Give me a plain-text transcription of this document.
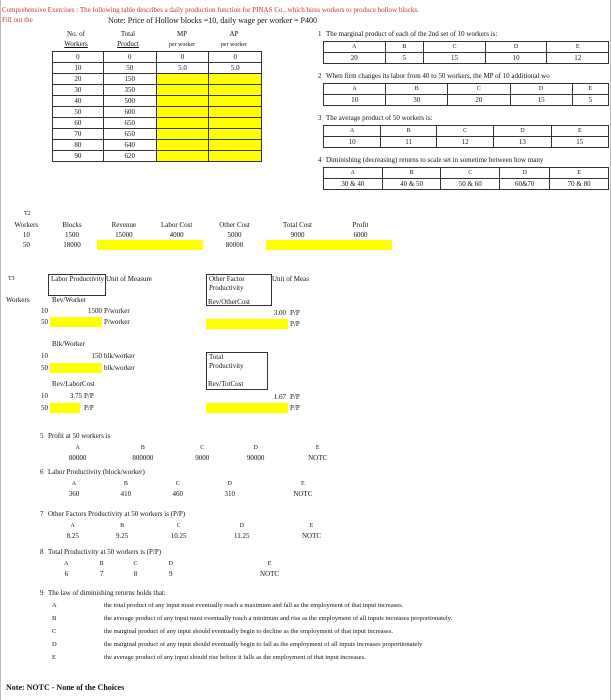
Comprehensive Exercises : The following table describes a daily production function for PINAS Co., which hires workers to produce hollow blocks.
Fill out the	Note: Price of Hollow blocks =10, daily wage per worker = P400
No. of	Total	MP	AP
Workers	Product	per worker	per worker
0	0	0	0	
10	50	5.0	5.0	
20	150			
30	350			
40	500			
50	600			
60	650			
70	650			
80	640			
90	620			
1 The marginal product of each of the 2nd set of 10 workers is:
A	B	C	D	E
20	5	15	10	12
2 When firm changes its labor from 40 to 50 workers, the MP of 10 additional wo
A	B	C	D	E
10	30	20	15	5
3 The average product of 50 workers is:
A	B	C	D	E
10	11	12	13	15
4 Diminishing (decreasing) returns to scale set in sometime between how many
A	B	C	D	E
30 & 40	40 & 50	50 & 60	60&70	70 & 80
T2
Workers	Blocks	Revenue	Labor Cost	Other Cost	Total Cost	Profit
10	1500	15000	4000	5000	9000	6000
50	18000			80000		
T3	Labor Productivity Unit of Measure
Workers	Rev/Worker
10	1500 P/worker
50	P/worker
Blk/Worker
10	150 blk/worker
50	blk/worker
Rev/LaborCost
10	3.75 P/P
50	P/P
Other Factor Productivity
Unit of Meas
Rev/OtherCost
3.00 P/P
P/P
Total Productivity
Rev/TotCost
1.67 P/P
P/P
5 Profit at 50 workers is
A	B	C	D	E
80000	800000	9000	90000	NOTC
6 Labor Productivity (block/worker)
A	B	C	D	E
360	410	460	310	NOTC
7 Other Factors Productivity at 50 workers is (P/P)
A	B	C	D	E
8.25	9.25	10.25	11.25	NOTC
8 Total Productivity at 50 workers is (P/P)
A	B	C	D	E
6	7	8	9	NOTC
9 The law of diminishing returns holds that:
A	the total product of any input must eventually reach a maximum and fall as the employment of that input increases.
B	the average product of any input must eventually reach a minimum and rise as the employment of all inputs increases proportionately.
C	the marginal product of any input should eventually begin to decline as the employment of that input increases.
D	the marginal product of any input should eventually begin to fall as the employment of all inputs increases proportionately
E	the average product of any input should rise before it falls as the employment of that input increases.
Note: NOTC - None of the Choices
